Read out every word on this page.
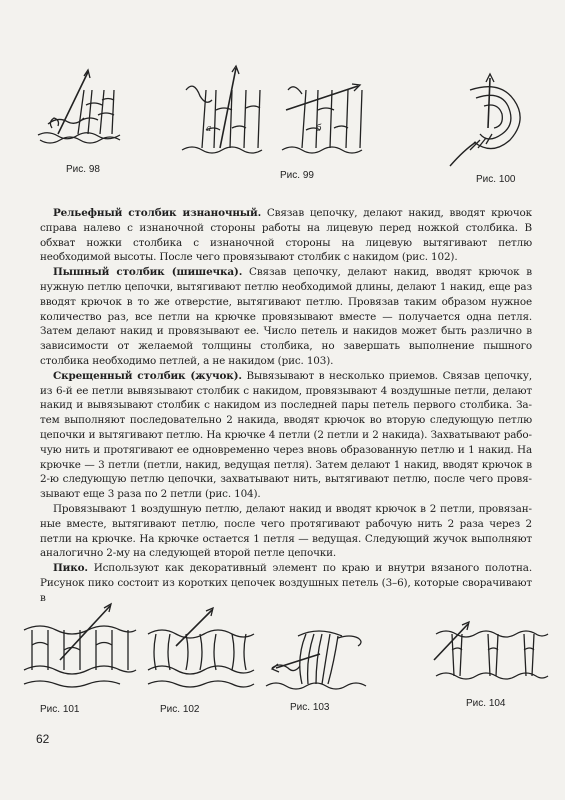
Рис. 98
а	б
Рис. 99	Рис. 100

Рельефный столбик изнаночный. Связав цепочку, делают накид, вводят крючок справа налево с изнаночной стороны работы на лицевую перед ножкой столбика. В обхват ножки столбика с изнаночной стороны на лицевую вытягивают петлю необходимой высоты. После чего провязывают столбик с накидом (рис. 102).

Пышный столбик (шишечка). Связав цепочку, делают накид, вводят крючок в нужную петлю цепочки, вытягивают петлю необходимой длины, делают 1 накид, еще раз вводят крючок в то же отверстие, вытягивают петлю. Провязав таким образом нужное количество раз, все петли на крючке провязывают вместе — получается одна петля. Затем делают накид и провязывают ее. Число петель и накидов может быть различно в зависимости от желаемой толщины столбика, но завершать выполнение пышного столбика необходимо петлей, а не накидом (рис. 103).

Скрещенный столбик (жучок). Вывязывают в несколько приемов. Связав цепочку, из 6-й ее петли вывязывают столбик с накидом, провязывают 4 воздушные петли, делают накид и вывязывают столбик с накидом из последней пары петель первого столбика. Затем выполняют последовательно 2 накида, вводят крючок во вторую следующую петлю цепочки и вытягивают петлю. На крючке 4 петли (2 петли и 2 накида). Захватывают рабочую нить и протягивают ее одновременно через вновь образованную петлю и 1 накид. На крючке — 3 петли (петли, накид, ведущая петля). Затем делают 1 накид, вводят крючок в 2-ю следующую петлю цепочки, захватывают нить, вытягивают петлю, после чего провязывают еще 3 раза по 2 петли (рис. 104).

Провязывают 1 воздушную петлю, делают накид и вводят крючок в 2 петли, провязанные вместе, вытягивают петлю, после чего протягивают рабочую нить 2 раза через 2 петли на крючке. На крючке остается 1 петля — ведущая. Следующий жучок выполняют аналогично 2-му на следующей второй петле цепочки.

Пико. Используют как декоративный элемент по краю и внутри вязаного полотна. Рисунок пико состоит из коротких цепочек воздушных петель (3–6), которые сворачивают в

Рис. 101	Рис. 102	Рис. 103	Рис. 104
62
